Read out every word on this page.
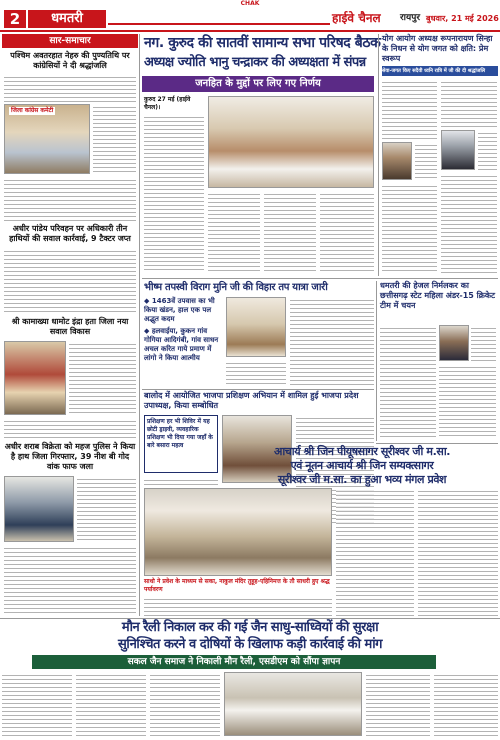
CHAK
2	धमतरी	हाईवे चैनल रायपुर बुधवार, 21 मई 2026
सार-समाचार
पश्चिम अवतरहात नेहरु की पुण्यतिथि पर कांग्रेसियों ने दी श्रद्धांजलि
जिला कांग्रेस कमेटी
अधीर पांडेय परिवहन पर अधिकारी तीन हाथियों की सवाल कार्रवाई, 9 टैक्टर जप्त
श्री कामाख्या धामोट इंद्रा हता जिला नया सवाल विकास
अधीर शराब विक्रेता को महज पुलिस ने किया है हाथ जिला गिरफ्तार, 39 नीश बी गोद वांक फाफ जला
नग. कुरुद की सातवीं सामान्य सभा परिषद बैठक
अध्यक्ष ज्योति भानु चन्द्राकर की अध्यक्षता में संपन्न
जनहित के मुद्दों पर लिए गए निर्णय
कुरुद 27 मई (हाईवे चैनल)।
योग आयोग अध्यक्ष रूपनारायण सिन्हा के निधन से योग जगत को क्षति: प्रेम स्वरूप
सेवा-जगत किए सदैवी ध्वनि रात्रि में जी की दी श्रद्धांजलि
भीष्म तपस्वी विराग मुनि जी की विहार तप यात्रा जारी
◆ 1463वें उपवास का भी किया खंडन, हाल एक पल अद्भुत कदम
◆ हलवाईया, कुकन गांव गोगिया आदिगंबी, गांव साधन अचल करित गाये प्रमाण में लांगो ने किया आत्मीय
धमतरी की हेजल निर्मलकर का छत्तीसगढ़ स्टेट महिला अंडर-15 क्रिकेट टीम में चयन
बालोद में आयोजित भाजपा प्रशिक्षण अभियान में शामिल हुई भाजपा प्रदेश उपाध्यक्ष, किया सम्बोधित
प्रशिक्षण हर भी शिविर में यह छोटी ड्राइवी, व्यवहारिक प्रशिक्षण भी दिया गया जहाँ के बारे बसारा महत्व	आचार्य श्री जिन पीयूषसागर सूरीश्वर जी म.सा.
एवं नूतन आचार्य श्री जिन सम्यक्त्सागर
सूरीश्वर जी म.सा. का हुआ भव्य मंगल प्रवेश
साधो ने प्रवेश के माध्यम से सका, नाकुल मंदिर तुहूह-एहिनिमत्त के तौ साधरी हुए श्रद्ध पर्यावरण
मौन रैली निकाल कर की गई जैन साधु-साध्वियों की सुरक्षा
सुनिश्चित करने व दोषियों के खिलाफ कड़ी कार्रवाई की मांग
सकल जैन समाज ने निकाली मौन रैली, एसडीएम को सौंपा ज्ञापन
